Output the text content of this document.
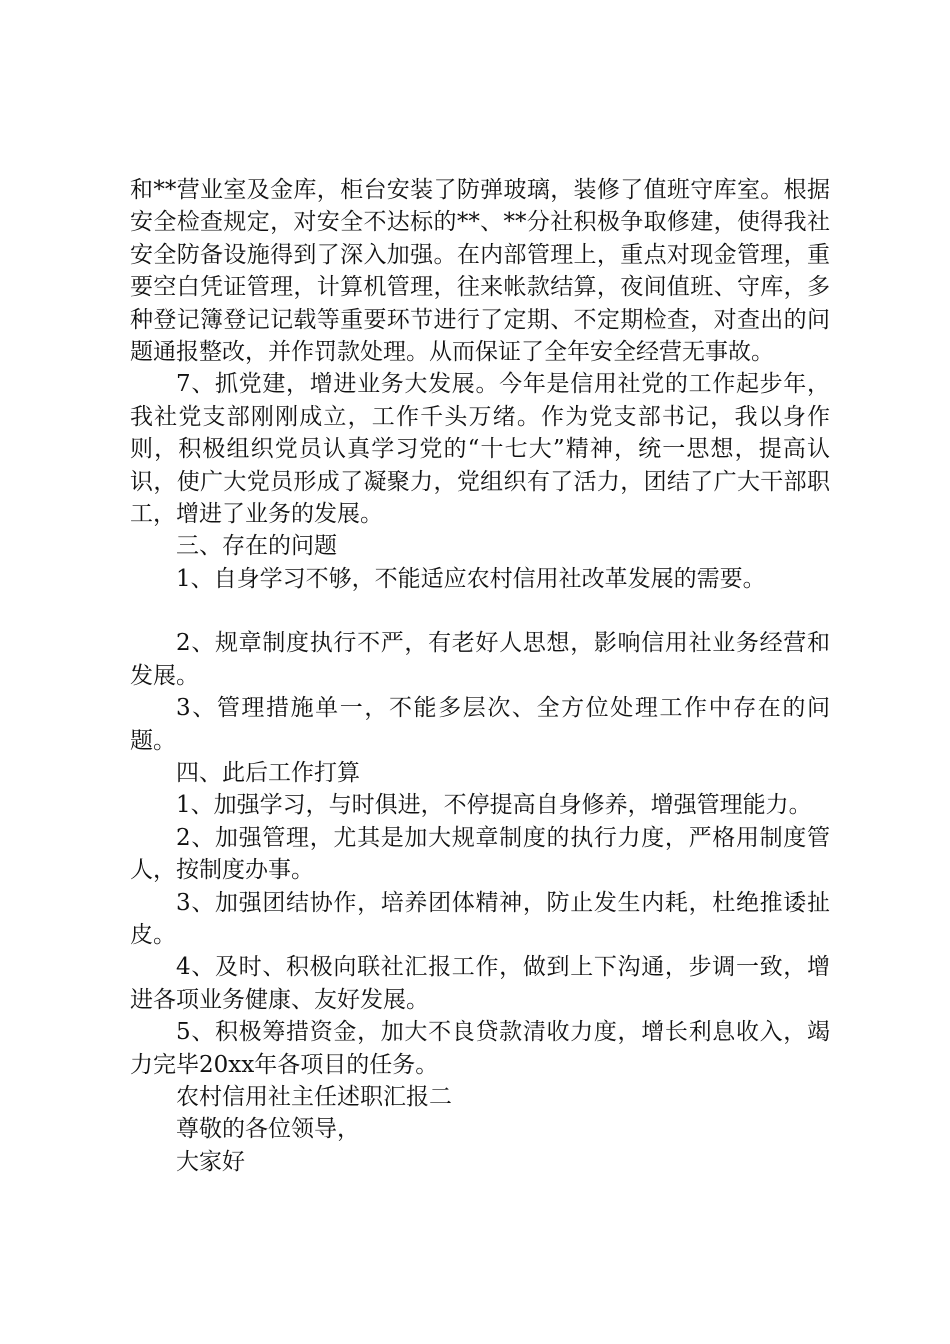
和**营业室及金库，柜台安装了防弹玻璃，装修了值班守库室。根据安全检查规定，对安全不达标的**、**分社积极争取修建，使得我社安全防备设施得到了深入加强。在内部管理上，重点对现金管理，重要空白凭证管理，计算机管理，往来帐款结算，夜间值班、守库，多种登记簿登记记载等重要环节进行了定期、不定期检查，对查出的问题通报整改，并作罚款处理。从而保证了全年安全经营无事故。

7、抓党建，增进业务大发展。今年是信用社党的工作起步年，我社党支部刚刚成立，工作千头万绪。作为党支部书记，我以身作则，积极组织党员认真学习党的“十七大”精神，统一思想，提高认识，使广大党员形成了凝聚力，党组织有了活力，团结了广大干部职工，增进了业务的发展。

三、存在的问题

1、自身学习不够，不能适应农村信用社改革发展的需要。

2、规章制度执行不严，有老好人思想，影响信用社业务经营和发展。

3、管理措施单一，不能多层次、全方位处理工作中存在的问题。

四、此后工作打算

1、加强学习，与时俱进，不停提高自身修养，增强管理能力。

2、加强管理，尤其是加大规章制度的执行力度，严格用制度管人，按制度办事。

3、加强团结协作，培养团体精神，防止发生内耗，杜绝推诿扯皮。

4、及时、积极向联社汇报工作，做到上下沟通，步调一致，增进各项业务健康、友好发展。

5、积极筹措资金，加大不良贷款清收力度，增长利息收入，竭力完毕20xx年各项目的任务。

农村信用社主任述职汇报二

尊敬的各位领导，

大家好
